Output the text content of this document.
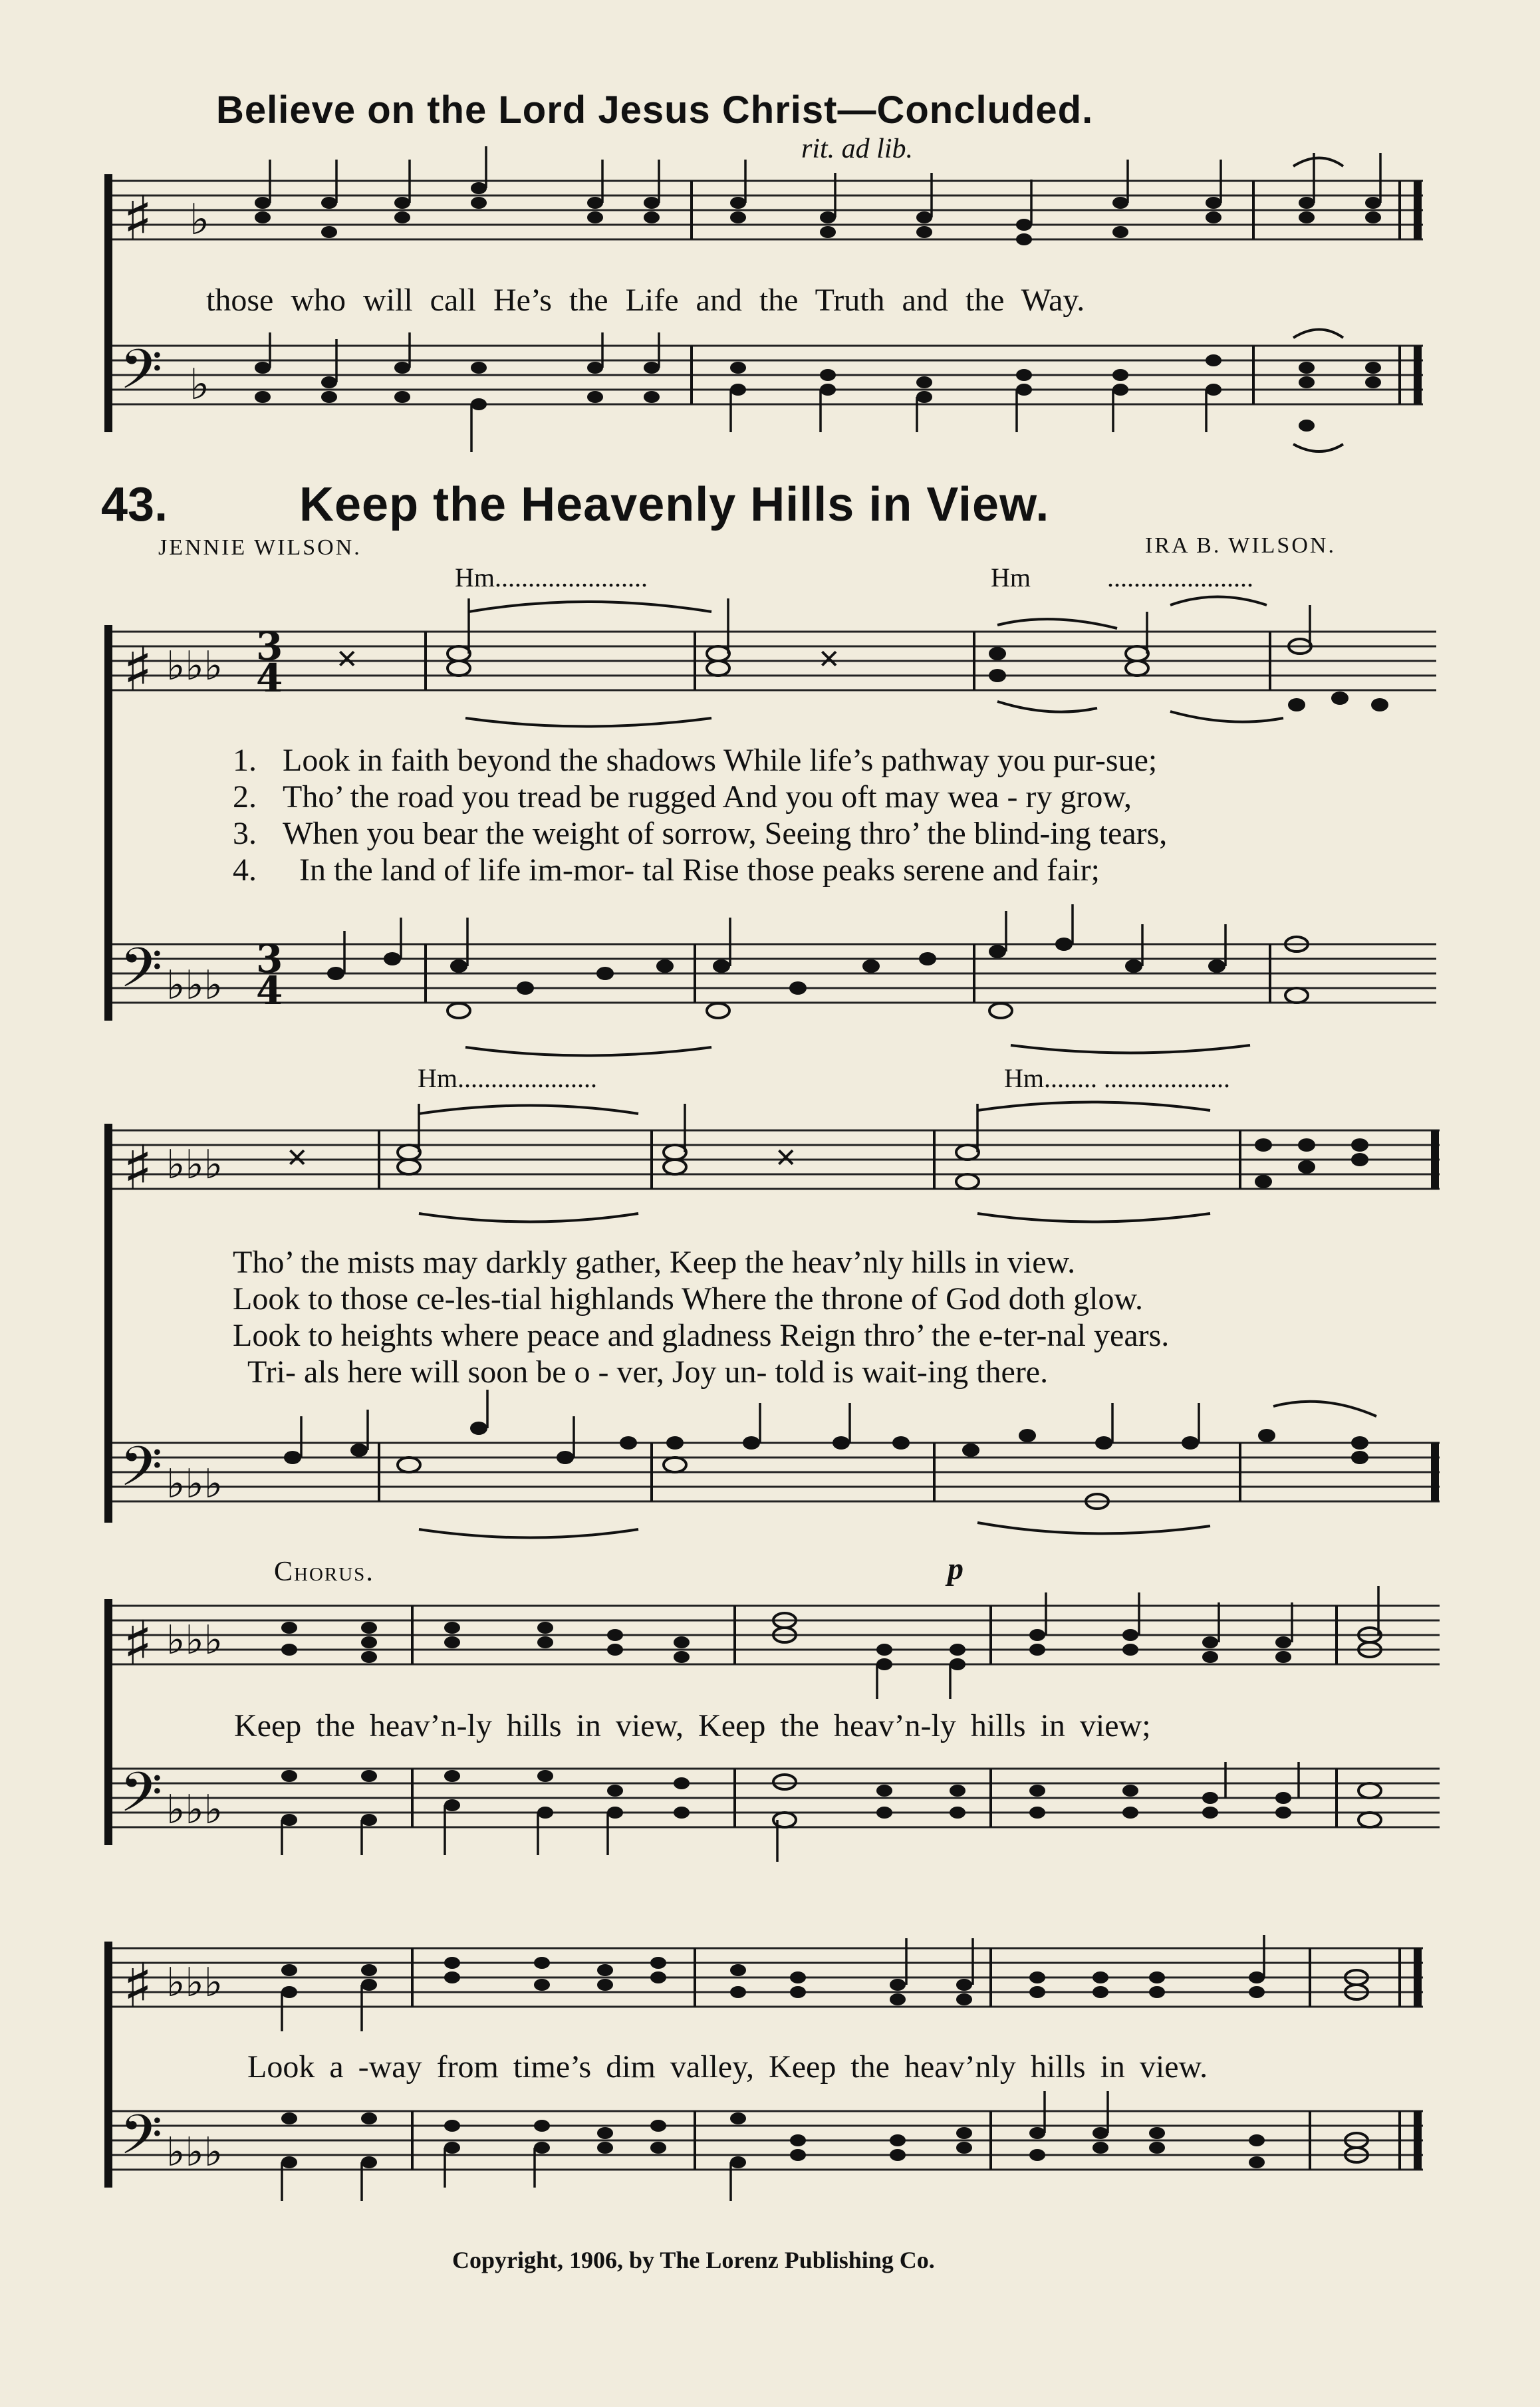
Believe on the Lord Jesus Christ—Concluded.
rit. ad lib.
♯ ♭
𝄢 ♭
those who will call He’s the Life and the Truth and the Way.
43.	Keep the Heavenly Hills in View.
JENNIE WILSON.	IRA B. WILSON.
Hm.......................	Hm	......................
♯ ♭♭♭ 3
4
𝄢 ♭♭♭
3
4
✕	✕
1. Look in faith beyond the shadows While life’s pathway you pur-sue;
2. Tho’ the road you tread be rugged And you oft may wea - ry grow,
3. When you bear the weight of sorrow, Seeing thro’ the blind-ing tears,
4. In the land of life im-mor- tal Rise those peaks serene and fair;
Hm.....................	Hm........ ...................
♯ ♭♭♭
𝄢 ♭♭♭
✕	✕
Tho’ the mists may darkly gather, Keep the heav’nly hills in view.
Look to those ce-les-tial highlands Where the throne of God doth glow.
Look to heights where peace and gladness Reign thro’ the e-ter-nal years.
Tri- als here will soon be o - ver, Joy un- told is wait-ing there.
Chorus.	p
♯ ♭♭♭
𝄢 ♭♭♭
Keep the heav’n-ly hills in view, Keep the heav’n-ly hills in view;
♯ ♭♭♭
𝄢 ♭♭♭
Look a -way from time’s dim valley, Keep the heav’nly hills in view.
Copyright, 1906, by The Lorenz Publishing Co.
